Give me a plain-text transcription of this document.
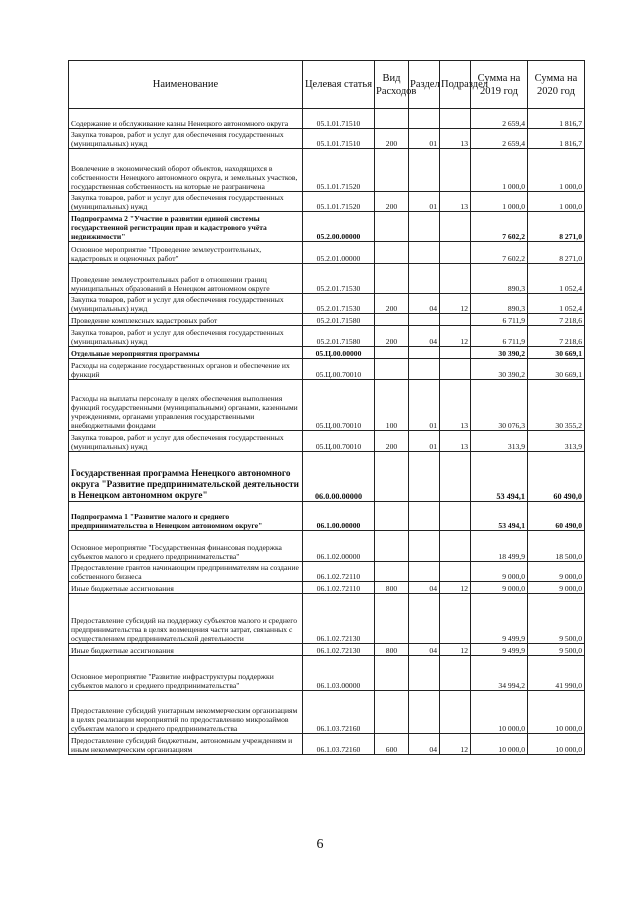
Наименование	Целевая статья	Вид Расходов	Раздел	Подраздел	Сумма на 2019 год	Сумма на 2020 год
Содержание и обслуживание казны Ненецкого автономного округа	05.1.01.71510				2 659,4	1 816,7
Закупка товаров, работ и услуг для обеспечения государственных (муниципальных) нужд	05.1.01.71510	200	01	13	2 659,4	1 816,7
Вовлечение в экономический оборот объектов, находящихся в собственности Ненецкого автономного округа, и земельных участков, государственная собственность на которые не разграничена	05.1.01.71520				1 000,0	1 000,0
Закупка товаров, работ и услуг для обеспечения государственных (муниципальных) нужд	05.1.01.71520	200	01	13	1 000,0	1 000,0
Подпрограмма 2 "Участие в развитии единой системы государственной регистрации прав и кадастрового учёта недвижимости"	05.2.00.00000				7 602,2	8 271,0
Основное мероприятие "Проведение землеустроительных, кадастровых и оценочных работ"	05.2.01.00000				7 602,2	8 271,0
Проведение землеустроительных работ в отношении границ муниципальных образований в Ненецком автономном округе	05.2.01.71530				890,3	1 052,4
Закупка товаров, работ и услуг для обеспечения государственных (муниципальных) нужд	05.2.01.71530	200	04	12	890,3	1 052,4
Проведение комплексных кадастровых работ	05.2.01.71580				6 711,9	7 218,6
Закупка товаров, работ и услуг для обеспечения государственных (муниципальных) нужд	05.2.01.71580	200	04	12	6 711,9	7 218,6
Отдельные мероприятия программы	05.Ц.00.00000				30 390,2	30 669,1
Расходы на содержание государственных органов и обеспечение их функций	05.Ц.00.70010				30 390,2	30 669,1
Расходы на выплаты персоналу в целях обеспечения выполнения функций государственными (муниципальными) органами, казенными учреждениями, органами управления государственными внебюджетными фондами	05.Ц.00.70010	100	01	13	30 076,3	30 355,2
Закупка товаров, работ и услуг для обеспечения государственных (муниципальных) нужд	05.Ц.00.70010	200	01	13	313,9	313,9
Государственная программа Ненецкого автономного округа "Развитие предпринимательской деятельности в Ненецком автономном округе"	06.0.00.00000				53 494,1	60 490,0
Подпрограмма 1 "Развитие малого и среднего предпринимательства в Ненецком автономном округе"	06.1.00.00000				53 494,1	60 490,0
Основное мероприятие "Государственная финансовая поддержка субъектов малого и среднего предпринимательства"	06.1.02.00000				18 499,9	18 500,0
Предоставление грантов начинающим предпринимателям на создание собственного бизнеса	06.1.02.72110				9 000,0	9 000,0
Иные бюджетные ассигнования	06.1.02.72110	800	04	12	9 000,0	9 000,0
Предоставление субсидий на поддержку субъектов малого и среднего предпринимательства в целях возмещения части затрат, связанных с осуществлением предпринимательской деятельности	06.1.02.72130				9 499,9	9 500,0
Иные бюджетные ассигнования	06.1.02.72130	800	04	12	9 499,9	9 500,0
Основное мероприятие "Развитие инфраструктуры поддержки субъектов малого и среднего предпринимательства"	06.1.03.00000				34 994,2	41 990,0
Предоставление субсидий унитарным некоммерческим организациям в целях реализации мероприятий по предоставлению микрозаймов субъектам малого и среднего предпринимательства	06.1.03.72160				10 000,0	10 000,0
Предоставление субсидий бюджетным, автономным учреждениям и иным некоммерческим организациям	06.1.03.72160	600	04	12	10 000,0	10 000,0
6
